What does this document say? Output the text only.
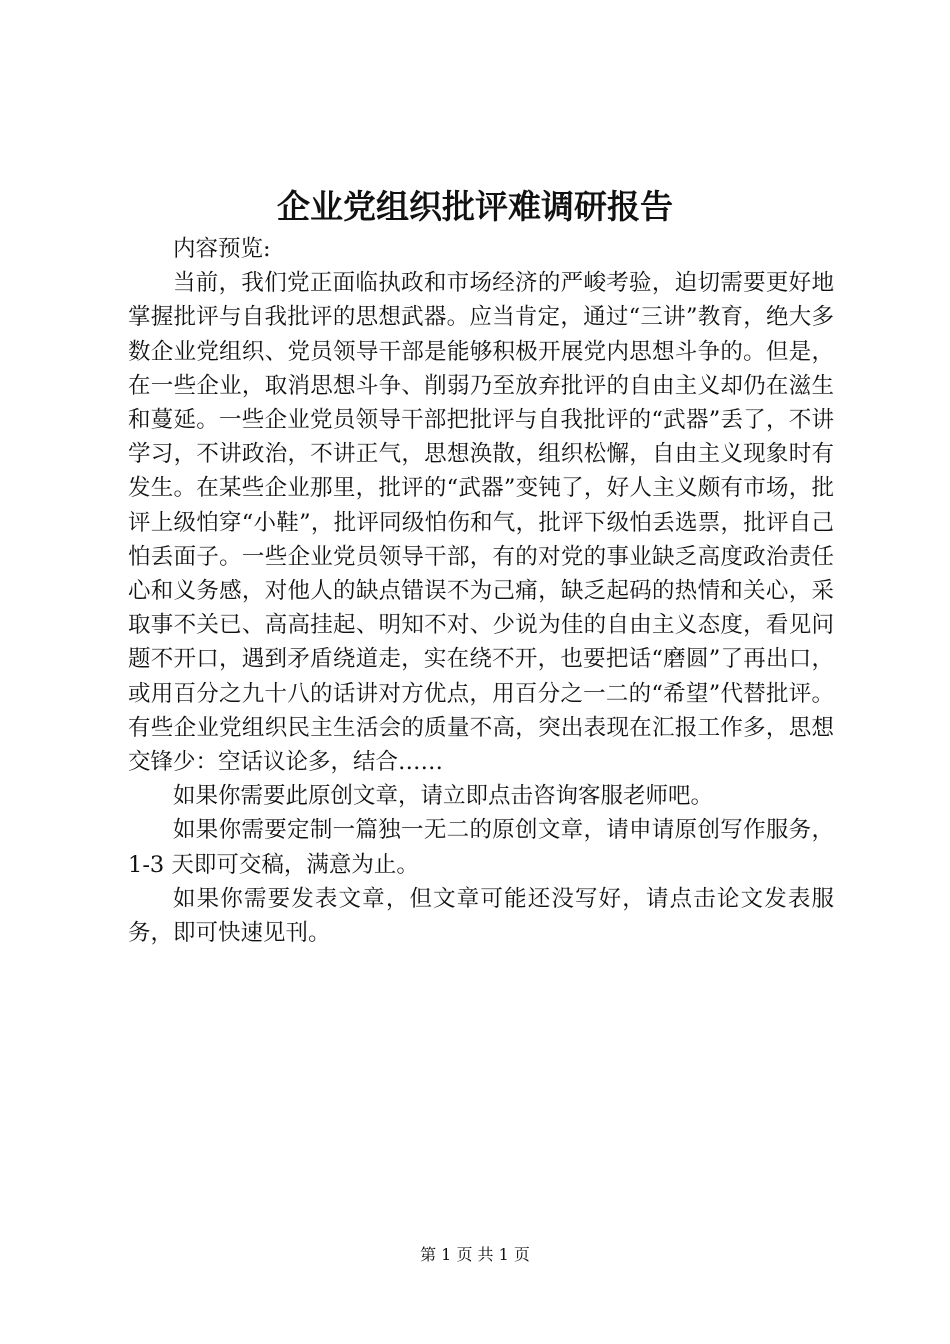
企业党组织批评难调研报告

内容预览:

当前，我们党正面临执政和市场经济的严峻考验，迫切需要更好地掌握批评与自我批评的思想武器。应当肯定，通过“三讲”教育，绝大多数企业党组织、党员领导干部是能够积极开展党内思想斗争的。但是，在一些企业，取消思想斗争、削弱乃至放弃批评的自由主义却仍在滋生和蔓延。一些企业党员领导干部把批评与自我批评的“武器”丢了，不讲学习，不讲政治，不讲正气，思想涣散，组织松懈，自由主义现象时有发生。在某些企业那里，批评的“武器”变钝了，好人主义颇有市场，批评上级怕穿“小鞋”，批评同级怕伤和气，批评下级怕丢选票，批评自己怕丢面子。一些企业党员领导干部，有的对党的事业缺乏高度政治责任心和义务感，对他人的缺点错误不为己痛，缺乏起码的热情和关心，采取事不关已、高高挂起、明知不对、少说为佳的自由主义态度，看见问题不开口，遇到矛盾绕道走，实在绕不开，也要把话“磨圆”了再出口，或用百分之九十八的话讲对方优点，用百分之一二的“希望”代替批评。有些企业党组织民主生活会的质量不高，突出表现在汇报工作多，思想交锋少：空话议论多，结合……

如果你需要此原创文章，请立即点击咨询客服老师吧。

如果你需要定制一篇独一无二的原创文章，请申请原创写作服务，1-3 天即可交稿，满意为止。

如果你需要发表文章，但文章可能还没写好，请点击论文发表服务，即可快速见刊。

第 1 页 共 1 页
